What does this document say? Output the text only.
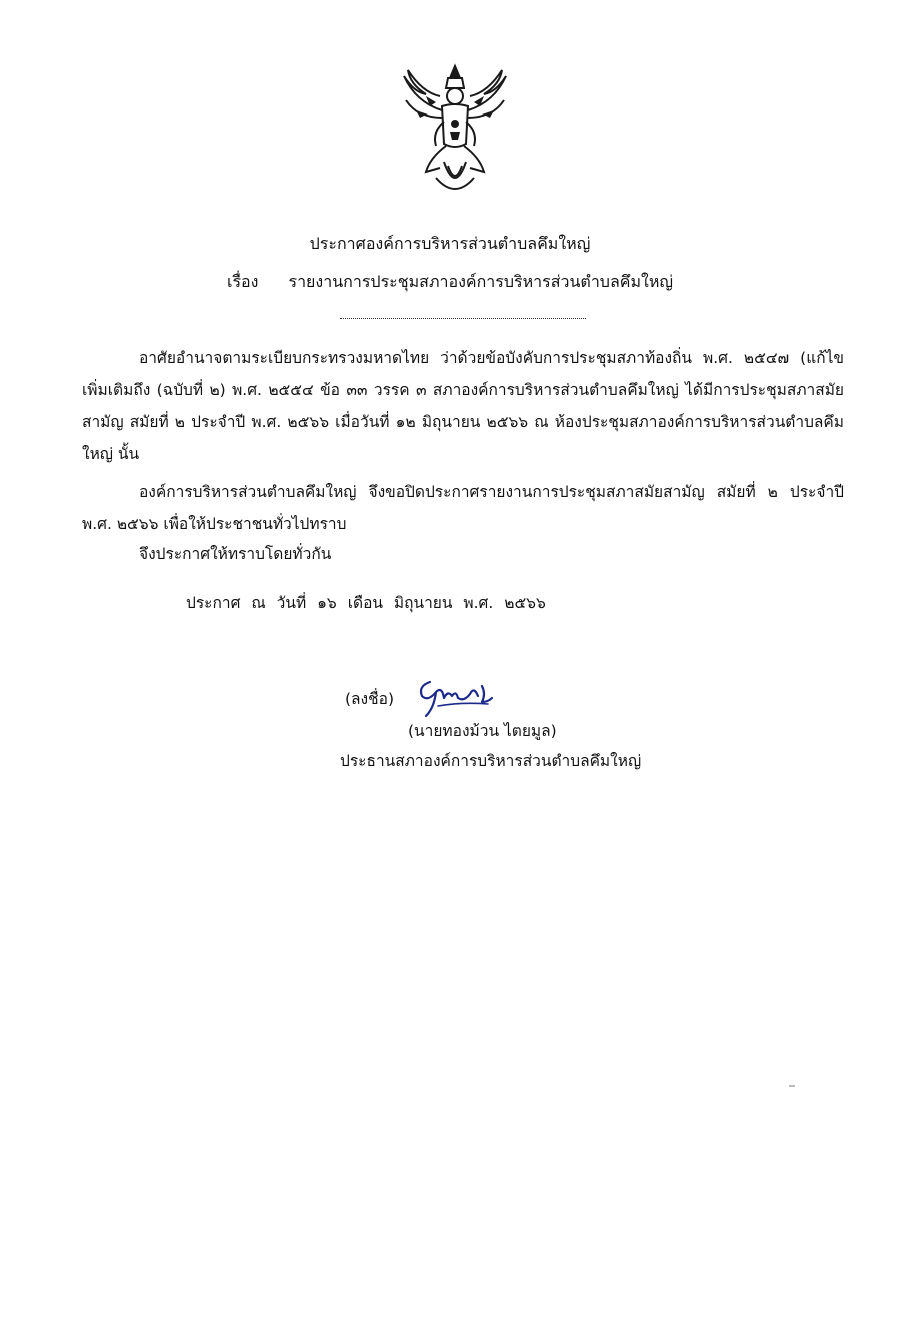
ประกาศองค์การบริหารส่วนตำบลคึมใหญ่
เรื่อง รายงานการประชุมสภาองค์การบริหารส่วนตำบลคึมใหญ่
อาศัยอำนาจตามระเบียบกระทรวงมหาดไทย ว่าด้วยข้อบังคับการประชุมสภาท้องถิ่น พ.ศ. ๒๕๔๗ (แก้ไขเพิ่มเติมถึง (ฉบับที่ ๒) พ.ศ. ๒๕๕๔ ข้อ ๓๓ วรรค ๓ สภาองค์การบริหารส่วนตำบลคึมใหญ่ ได้มีการประชุมสภาสมัยสามัญ สมัยที่ ๒ ประจำปี พ.ศ. ๒๕๖๖ เมื่อวันที่ ๑๒ มิถุนายน ๒๕๖๖ ณ ห้องประชุมสภาองค์การบริหารส่วนตำบลคึมใหญ่ นั้น
องค์การบริหารส่วนตำบลคึมใหญ่ จึงขอปิดประกาศรายงานการประชุมสภาสมัยสามัญ สมัยที่ ๒ ประจำปี พ.ศ. ๒๕๖๖ เพื่อให้ประชาชนทั่วไปทราบ
จึงประกาศให้ทราบโดยทั่วกัน
ประกาศ ณ วันที่ ๑๖ เดือน มิถุนายน พ.ศ. ๒๕๖๖
(ลงชื่อ)
(นายทองม้วน ไตยมูล)
ประธานสภาองค์การบริหารส่วนตำบลคึมใหญ่
